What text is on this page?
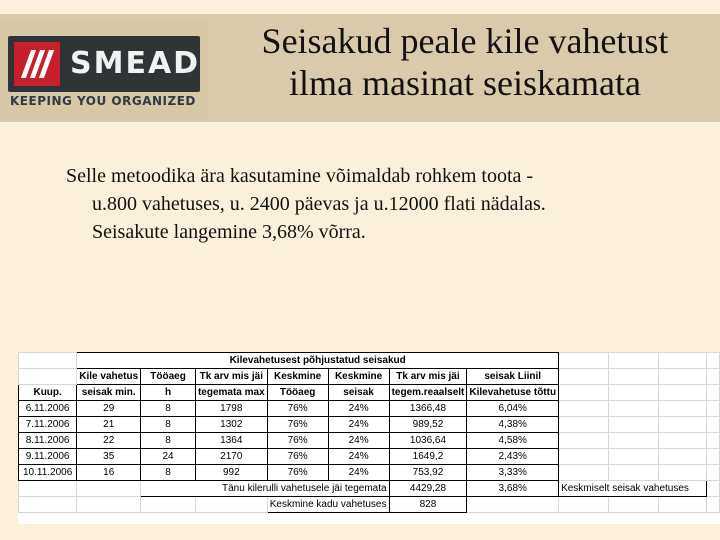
SMEAD
KEEPING YOU ORGANIZED
Seisakud peale kile vahetust
ilma masinat seiskamata
Selle metoodika ära kasutamine võimaldab rohkem toota -
u.800 vahetuses, u. 2400 päevas ja u.12000 flati nädalas.
Seisakute langemine 3,68% võrra.
	Kilevahetusest põhjustatud seisakud										
	Kile vahetus	Tööaeg	Tk arv mis jäi	Keskmine	Keskmine	Tk arv mis jäi	seisak Liinil				
Kuup.	seisak min.	h	tegemata max	Tööaeg	seisak	tegem.reaalselt	Kilevahetuse tõttu				
6.11.2006	29	8	1798	76%	24%	1366,48	6,04%				
7.11.2006	21	8	1302	76%	24%	989,52	4,38%				
8.11.2006	22	8	1364	76%	24%	1036,64	4,58%				
9.11.2006	35	24	2170	76%	24%	1649,2	2,43%				
10.11.2006	16	8	992	76%	24%	753,92	3,33%				
		Tänu kilerulli vahetusele jäi tegemata				4429,28	3,68%	Keskmiselt seisak vahetuses			
				Keskmine kadu vahetuses		828					
